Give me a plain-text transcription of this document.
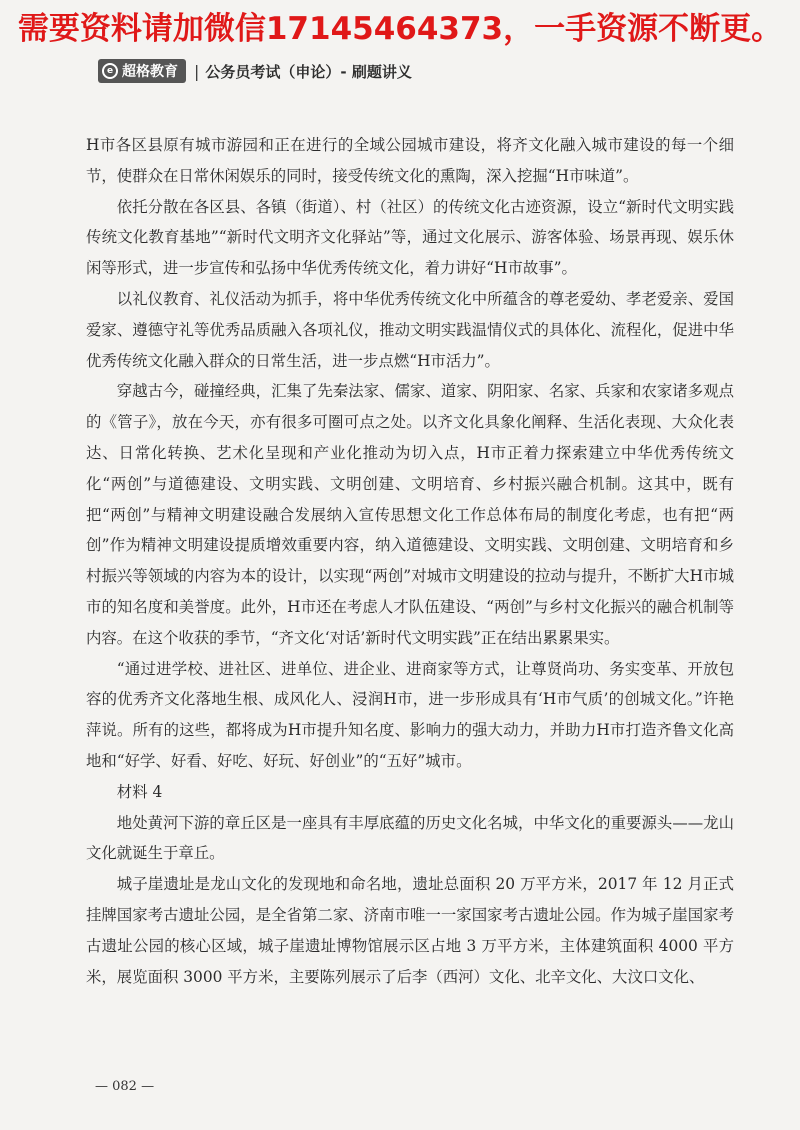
需要资料请加微信17145464373，一手资源不断更。
e 超格教育 | 公务员考试（申论）- 刷题讲义

H市各区县原有城市游园和正在进行的全域公园城市建设，将齐文化融入城市建设的每一个细节，使群众在日常休闲娱乐的同时，接受传统文化的熏陶，深入挖掘“H市味道”。

依托分散在各区县、各镇（街道）、村（社区）的传统文化古迹资源，设立“新时代文明实践传统文化教育基地”“新时代文明齐文化驿站”等，通过文化展示、游客体验、场景再现、娱乐休闲等形式，进一步宣传和弘扬中华优秀传统文化，着力讲好“H市故事”。

以礼仪教育、礼仪活动为抓手，将中华优秀传统文化中所蕴含的尊老爱幼、孝老爱亲、爱国爱家、遵德守礼等优秀品质融入各项礼仪，推动文明实践温情仪式的具体化、流程化，促进中华优秀传统文化融入群众的日常生活，进一步点燃“H市活力”。

穿越古今，碰撞经典，汇集了先秦法家、儒家、道家、阴阳家、名家、兵家和农家诸多观点的《管子》，放在今天，亦有很多可圈可点之处。以齐文化具象化阐释、生活化表现、大众化表达、日常化转换、艺术化呈现和产业化推动为切入点，H市正着力探索建立中华优秀传统文化“两创”与道德建设、文明实践、文明创建、文明培育、乡村振兴融合机制。这其中，既有把“两创”与精神文明建设融合发展纳入宣传思想文化工作总体布局的制度化考虑，也有把“两创”作为精神文明建设提质增效重要内容，纳入道德建设、文明实践、文明创建、文明培育和乡村振兴等领域的内容为本的设计，以实现“两创”对城市文明建设的拉动与提升，不断扩大H市城市的知名度和美誉度。此外，H市还在考虑人才队伍建设、“两创”与乡村文化振兴的融合机制等内容。在这个收获的季节，“齐文化‘对话’新时代文明实践”正在结出累累果实。

“通过进学校、进社区、进单位、进企业、进商家等方式，让尊贤尚功、务实变革、开放包容的优秀齐文化落地生根、成风化人、浸润H市，进一步形成具有‘H市气质’的创城文化。”许艳萍说。所有的这些，都将成为H市提升知名度、影响力的强大动力，并助力H市打造齐鲁文化高地和“好学、好看、好吃、好玩、好创业”的“五好”城市。

材料 4

地处黄河下游的章丘区是一座具有丰厚底蕴的历史文化名城，中华文化的重要源头——龙山文化就诞生于章丘。

城子崖遗址是龙山文化的发现地和命名地，遗址总面积 20 万平方米，2017 年 12 月正式挂牌国家考古遗址公园，是全省第二家、济南市唯一一家国家考古遗址公园。作为城子崖国家考古遗址公园的核心区域，城子崖遗址博物馆展示区占地 3 万平方米，主体建筑面积 4000 平方米，展览面积 3000 平方米，主要陈列展示了后李（西河）文化、北辛文化、大汶口文化、

— 082 —
